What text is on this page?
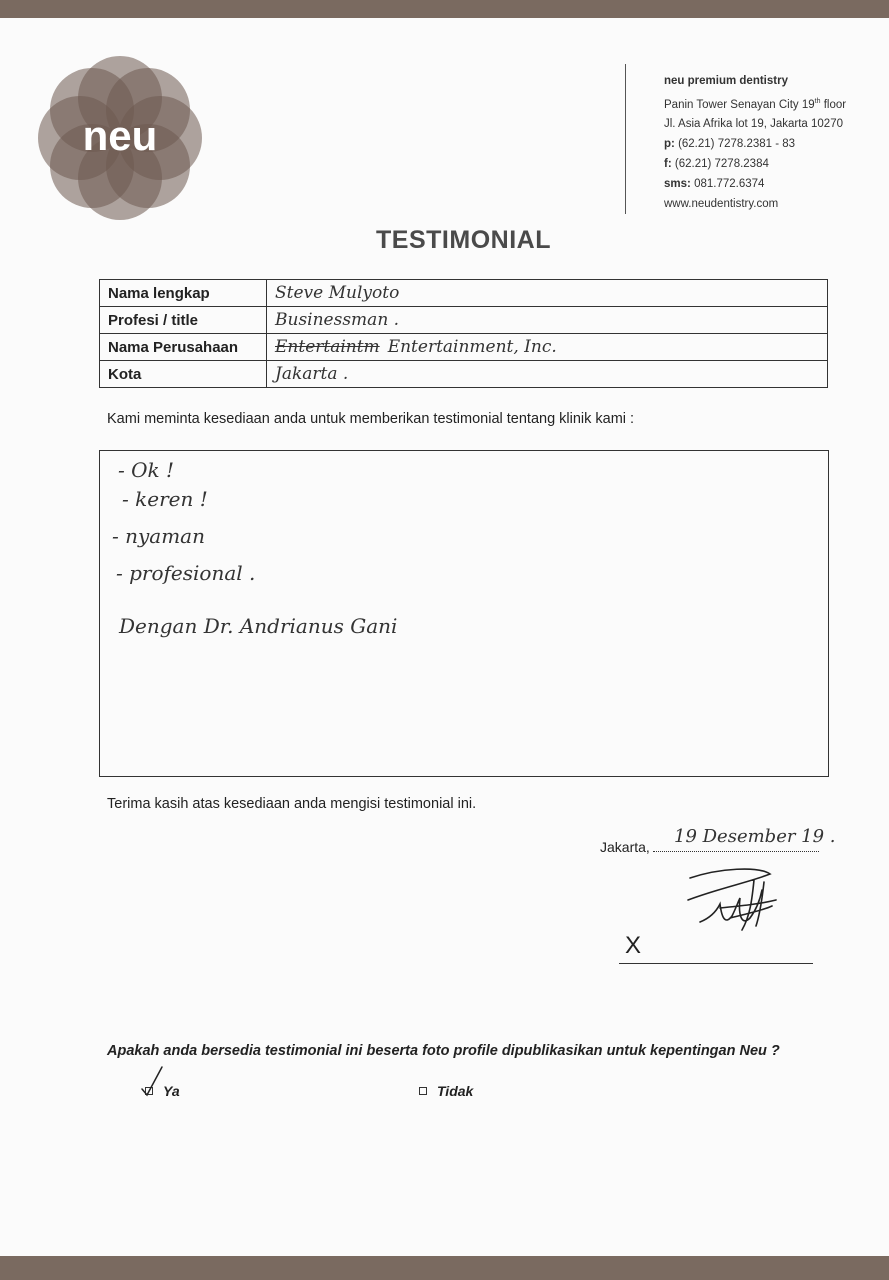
neu
neu premium dentistry
Panin Tower Senayan City 19th floor
Jl. Asia Afrika lot 19, Jakarta 10270
p: (62.21) 7278.2381 - 83
f: (62.21) 7278.2384
sms: 081.772.6374
www.neudentistry.com
TESTIMONIAL
Nama lengkap	Steve Mulyoto
Profesi / title	Businessman .
Nama Perusahaan	Entertaintm Entertainment, Inc.
Kota	Jakarta .
Kami meminta kesediaan anda untuk memberikan testimonial tentang klinik kami :
- Ok !
- keren !
- nyaman
- profesional .
Dengan Dr. Andrianus Gani
Terima kasih atas kesediaan anda mengisi testimonial ini.
Jakarta, 19 Desember 19 .
X
Apakah anda bersedia testimonial ini beserta foto profile dipublikasikan untuk kepentingan Neu ?
Ya	Tidak
